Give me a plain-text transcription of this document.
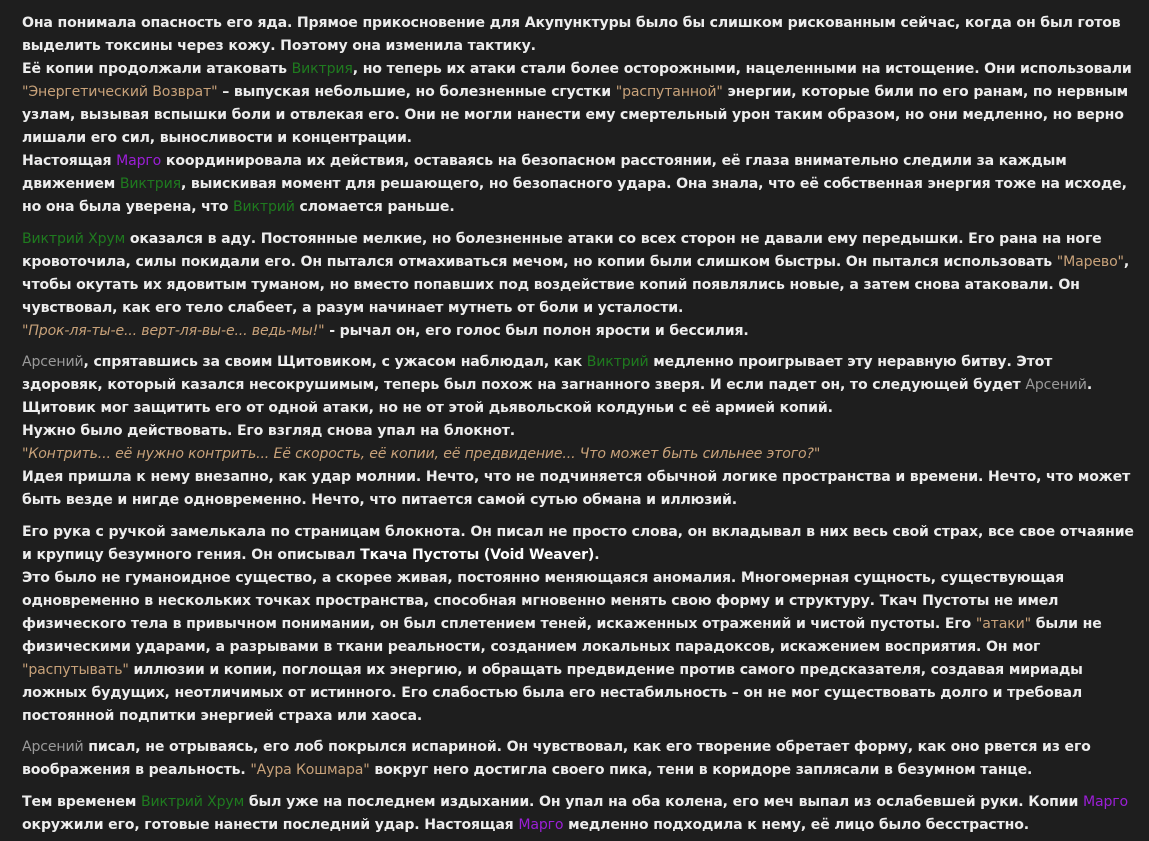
Она понимала опасность его яда. Прямое прикосновение для Акупунктуры было бы слишком рискованным сейчас, когда он был готов выделить токсины через кожу. Поэтому она изменила тактику.

Её копии продолжали атаковать Виктрия, но теперь их атаки стали более осторожными, нацеленными на истощение. Они использовали "Энергетический Возврат" – выпуская небольшие, но болезненные сгустки "распутанной" энергии, которые били по его ранам, по нервным узлам, вызывая вспышки боли и отвлекая его. Они не могли нанести ему смертельный урон таким образом, но они медленно, но верно лишали его сил, выносливости и концентрации.

Настоящая Марго координировала их действия, оставаясь на безопасном расстоянии, её глаза внимательно следили за каждым движением Виктрия, выискивая момент для решающего, но безопасного удара. Она знала, что её собственная энергия тоже на исходе, но она была уверена, что Виктрий сломается раньше.

Виктрий Хрум оказался в аду. Постоянные мелкие, но болезненные атаки со всех сторон не давали ему передышки. Его рана на ноге кровоточила, силы покидали его. Он пытался отмахиваться мечом, но копии были слишком быстры. Он пытался использовать "Марево", чтобы окутать их ядовитым туманом, но вместо попавших под воздействие копий появлялись новые, а затем снова атаковали. Он чувствовал, как его тело слабеет, а разум начинает мутнеть от боли и усталости.

"Прок-ля-ты-е... верт-ля-вы-е... ведь-мы!" - рычал он, его голос был полон ярости и бессилия.

Арсений, спрятавшись за своим Щитовиком, с ужасом наблюдал, как Виктрий медленно проигрывает эту неравную битву. Этот здоровяк, который казался несокрушимым, теперь был похож на загнанного зверя. И если падет он, то следующей будет Арсений. Щитовик мог защитить его от одной атаки, но не от этой дьявольской колдуньи с её армией копий.

Нужно было действовать. Его взгляд снова упал на блокнот.

"Контрить... её нужно контрить... Её скорость, её копии, её предвидение... Что может быть сильнее этого?"

Идея пришла к нему внезапно, как удар молнии. Нечто, что не подчиняется обычной логике пространства и времени. Нечто, что может быть везде и нигде одновременно. Нечто, что питается самой сутью обмана и иллюзий.

Его рука с ручкой замелькала по страницам блокнота. Он писал не просто слова, он вкладывал в них весь свой страх, все свое отчаяние и крупицу безумного гения. Он описывал Ткача Пустоты (Void Weaver).

Это было не гуманоидное существо, а скорее живая, постоянно меняющаяся аномалия. Многомерная сущность, существующая одновременно в нескольких точках пространства, способная мгновенно менять свою форму и структуру. Ткач Пустоты не имел физического тела в привычном понимании, он был сплетением теней, искаженных отражений и чистой пустоты. Его "атаки" были не физическими ударами, а разрывами в ткани реальности, созданием локальных парадоксов, искажением восприятия. Он мог "распутывать" иллюзии и копии, поглощая их энергию, и обращать предвидение против самого предсказателя, создавая мириады ложных будущих, неотличимых от истинного. Его слабостью была его нестабильность – он не мог существовать долго и требовал постоянной подпитки энергией страха или хаоса.

Арсений писал, не отрываясь, его лоб покрылся испариной. Он чувствовал, как его творение обретает форму, как оно рвется из его воображения в реальность. "Аура Кошмара" вокруг него достигла своего пика, тени в коридоре заплясали в безумном танце.

Тем временем Виктрий Хрум был уже на последнем издыхании. Он упал на оба колена, его меч выпал из ослабевшей руки. Копии Марго окружили его, готовые нанести последний удар. Настоящая Марго медленно подходила к нему, её лицо было бесстрастно.
